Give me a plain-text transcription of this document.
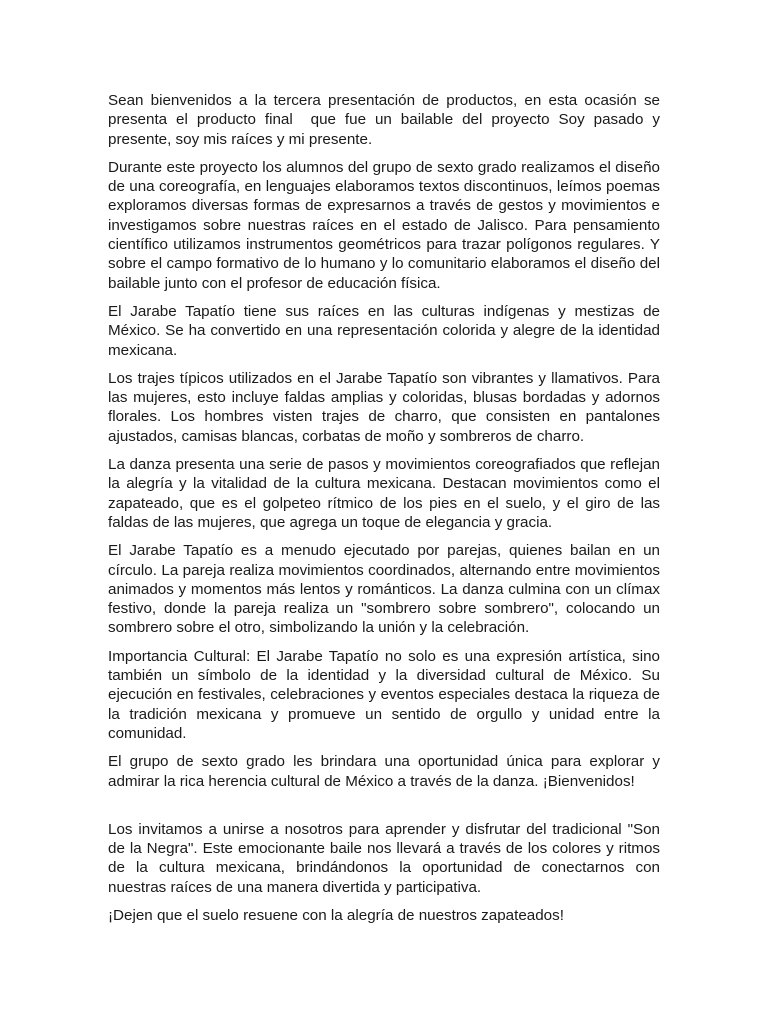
Sean bienvenidos a la tercera presentación de productos, en esta ocasión se presenta el producto final  que fue un bailable del proyecto Soy pasado y presente, soy mis raíces y mi presente.

Durante este proyecto los alumnos del grupo de sexto grado realizamos el diseño de una coreografía, en lenguajes elaboramos textos discontinuos, leímos poemas exploramos diversas formas de expresarnos a través de gestos y movimientos e investigamos sobre nuestras raíces en el estado de Jalisco. Para pensamiento científico utilizamos instrumentos geométricos para trazar polígonos regulares. Y sobre el campo formativo de lo humano y lo comunitario elaboramos el diseño del bailable junto con el profesor de educación física.

El Jarabe Tapatío tiene sus raíces en las culturas indígenas y mestizas de México. Se ha convertido en una representación colorida y alegre de la identidad mexicana.

Los trajes típicos utilizados en el Jarabe Tapatío son vibrantes y llamativos. Para las mujeres, esto incluye faldas amplias y coloridas, blusas bordadas y adornos florales. Los hombres visten trajes de charro, que consisten en pantalones ajustados, camisas blancas, corbatas de moño y sombreros de charro.

La danza presenta una serie de pasos y movimientos coreografiados que reflejan la alegría y la vitalidad de la cultura mexicana. Destacan movimientos como el zapateado, que es el golpeteo rítmico de los pies en el suelo, y el giro de las faldas de las mujeres, que agrega un toque de elegancia y gracia.

El Jarabe Tapatío es a menudo ejecutado por parejas, quienes bailan en un círculo. La pareja realiza movimientos coordinados, alternando entre movimientos animados y momentos más lentos y románticos. La danza culmina con un clímax festivo, donde la pareja realiza un "sombrero sobre sombrero", colocando un sombrero sobre el otro, simbolizando la unión y la celebración.

Importancia Cultural: El Jarabe Tapatío no solo es una expresión artística, sino también un símbolo de la identidad y la diversidad cultural de México. Su ejecución en festivales, celebraciones y eventos especiales destaca la riqueza de la tradición mexicana y promueve un sentido de orgullo y unidad entre la comunidad.

El grupo de sexto grado les brindara una oportunidad única para explorar y admirar la rica herencia cultural de México a través de la danza. ¡Bienvenidos!

Los invitamos a unirse a nosotros para aprender y disfrutar del tradicional "Son de la Negra". Este emocionante baile nos llevará a través de los colores y ritmos de la cultura mexicana, brindándonos la oportunidad de conectarnos con nuestras raíces de una manera divertida y participativa.

¡Dejen que el suelo resuene con la alegría de nuestros zapateados!
